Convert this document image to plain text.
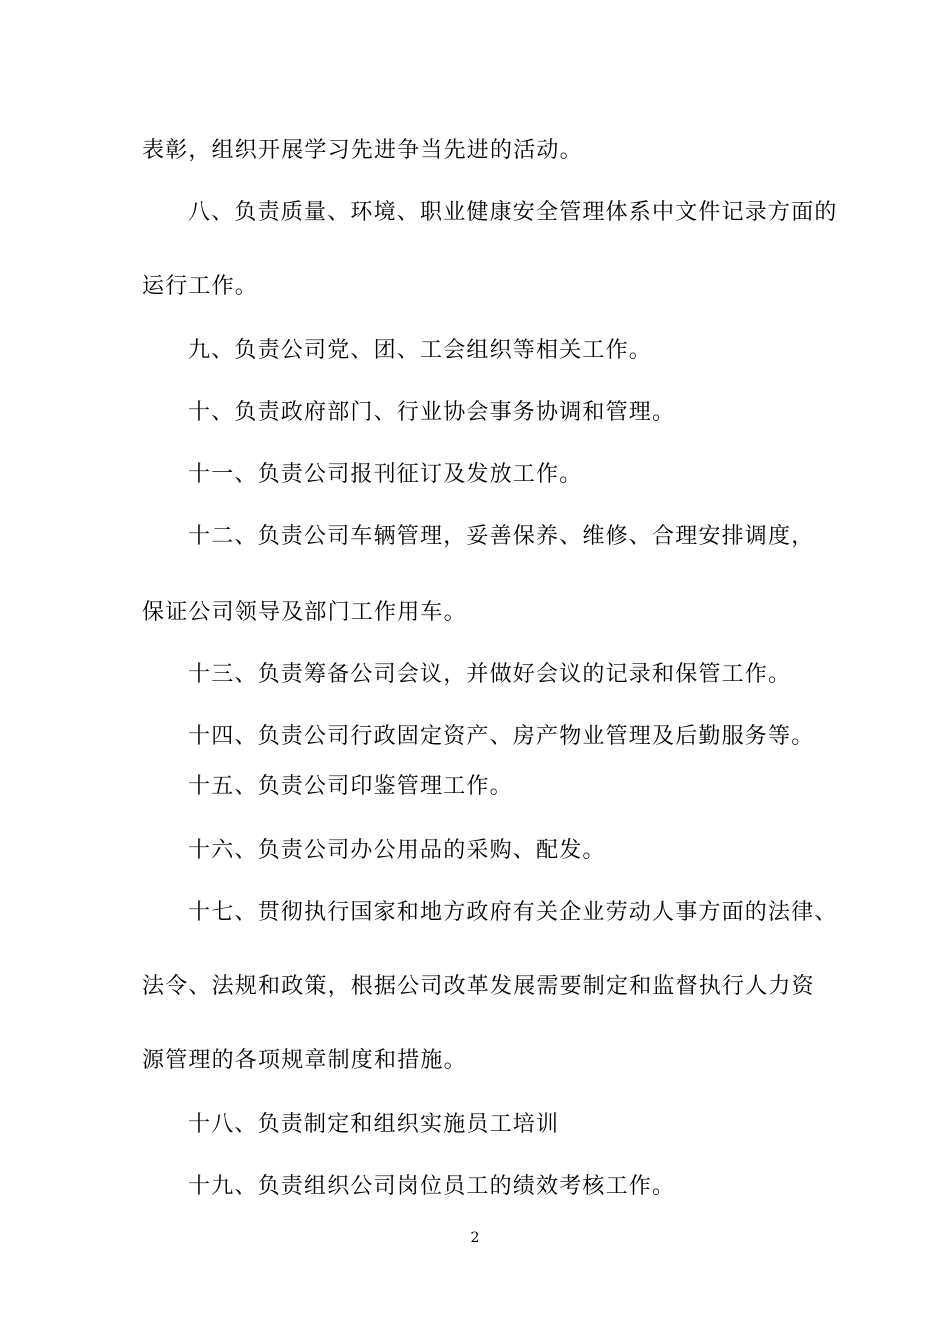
表彰，组织开展学习先进争当先进的活动。
八、负责质量、环境、职业健康安全管理体系中文件记录方面的
运行工作。
九、负责公司党、团、工会组织等相关工作。
十、负责政府部门、行业协会事务协调和管理。
十一、负责公司报刊征订及发放工作。
十二、负责公司车辆管理，妥善保养、维修、合理安排调度，
保证公司领导及部门工作用车。
十三、负责筹备公司会议，并做好会议的记录和保管工作。
十四、负责公司行政固定资产、房产物业管理及后勤服务等。
十五、负责公司印鉴管理工作。
十六、负责公司办公用品的采购、配发。
十七、贯彻执行国家和地方政府有关企业劳动人事方面的法律、
法令、法规和政策，根据公司改革发展需要制定和监督执行人力资
源管理的各项规章制度和措施。
十八、负责制定和组织实施员工培训
十九、负责组织公司岗位员工的绩效考核工作。
2
